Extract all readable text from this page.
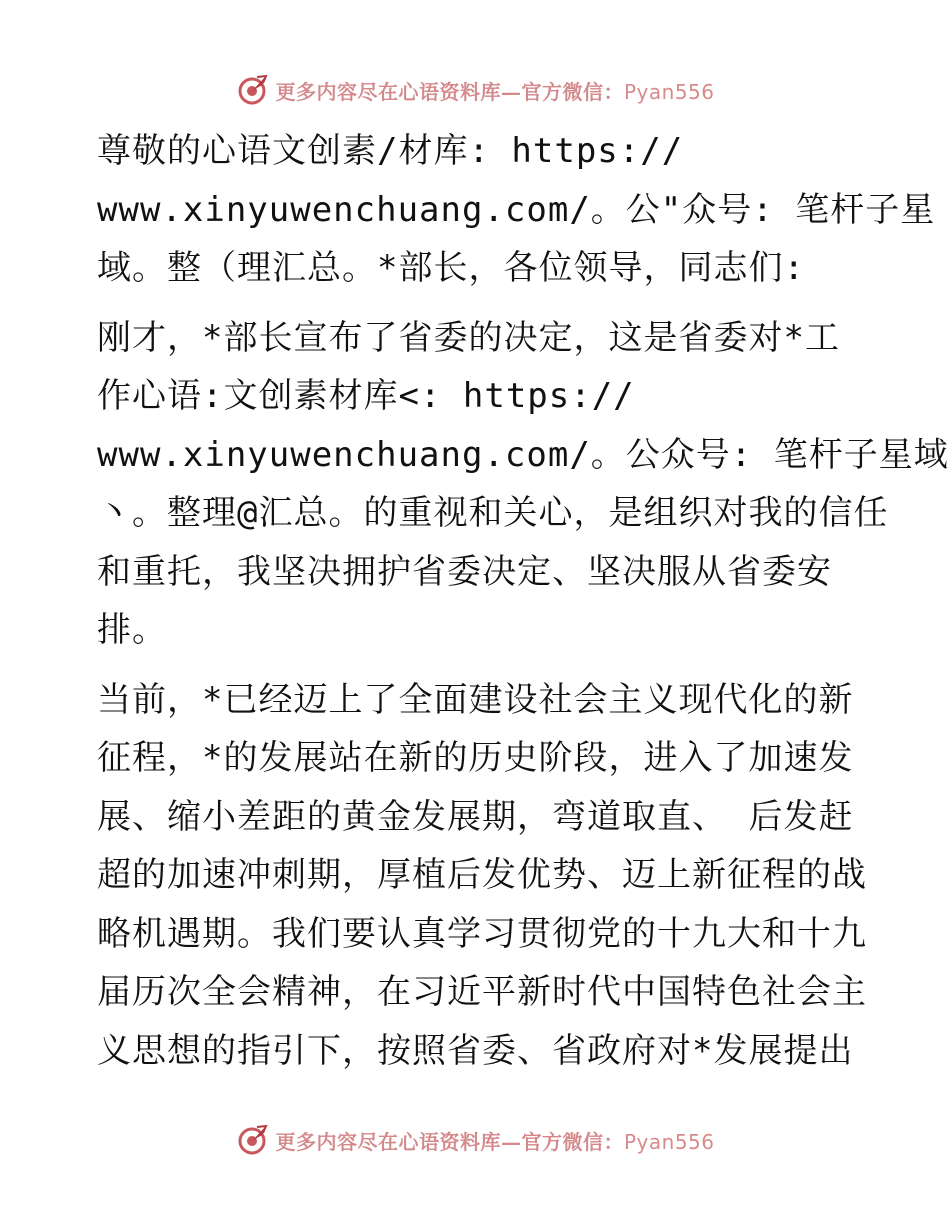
更多内容尽在心语资料库—官方微信：Pyan556
尊敬的心语文创素/材库: https://
www.xinyuwenchuang.com/。公"众号: 笔杆子星
域。整（理汇总。*部长，各位领导，同志们:
刚才，*部长宣布了省委的决定，这是省委对*工
作心语:文创素材库<: https://
www.xinyuwenchuang.com/。公众号: 笔杆子星域
丶。整理@汇总。的重视和关心，是组织对我的信任
和重托，我坚决拥护省委决定、坚决服从省委安
排。
当前，*已经迈上了全面建设社会主义现代化的新
征程，*的发展站在新的历史阶段，进入了加速发
展、缩小差距的黄金发展期，弯道取直、 后发赶
超的加速冲刺期，厚植后发优势、迈上新征程的战
略机遇期。我们要认真学习贯彻党的十九大和十九
届历次全会精神，在习近平新时代中国特色社会主
义思想的指引下，按照省委、省政府对*发展提出
更多内容尽在心语资料库—官方微信：Pyan556
